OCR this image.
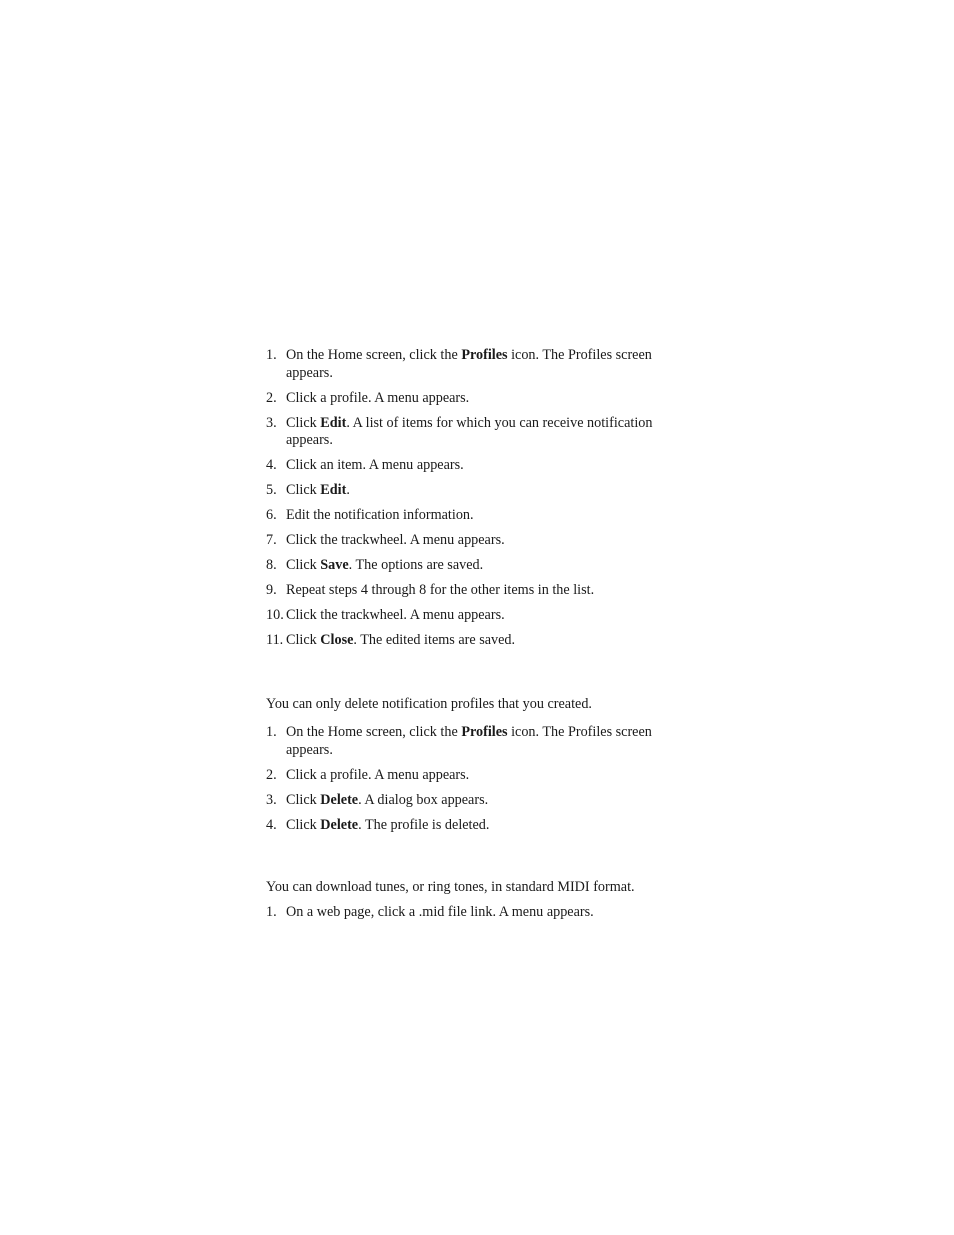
1. On the Home screen, click the Profiles icon. The Profiles screen appears.
2. Click a profile. A menu appears.
3. Click Edit. A list of items for which you can receive notification appears.
4. Click an item. A menu appears.
5. Click Edit.
6. Edit the notification information.
7. Click the trackwheel. A menu appears.
8. Click Save. The options are saved.
9. Repeat steps 4 through 8 for the other items in the list.
10. Click the trackwheel. A menu appears.
11. Click Close. The edited items are saved.

You can only delete notification profiles that you created.

1. On the Home screen, click the Profiles icon. The Profiles screen appears.
2. Click a profile. A menu appears.
3. Click Delete. A dialog box appears.
4. Click Delete. The profile is deleted.

You can download tunes, or ring tones, in standard MIDI format.

1. On a web page, click a .mid file link. A menu appears.
